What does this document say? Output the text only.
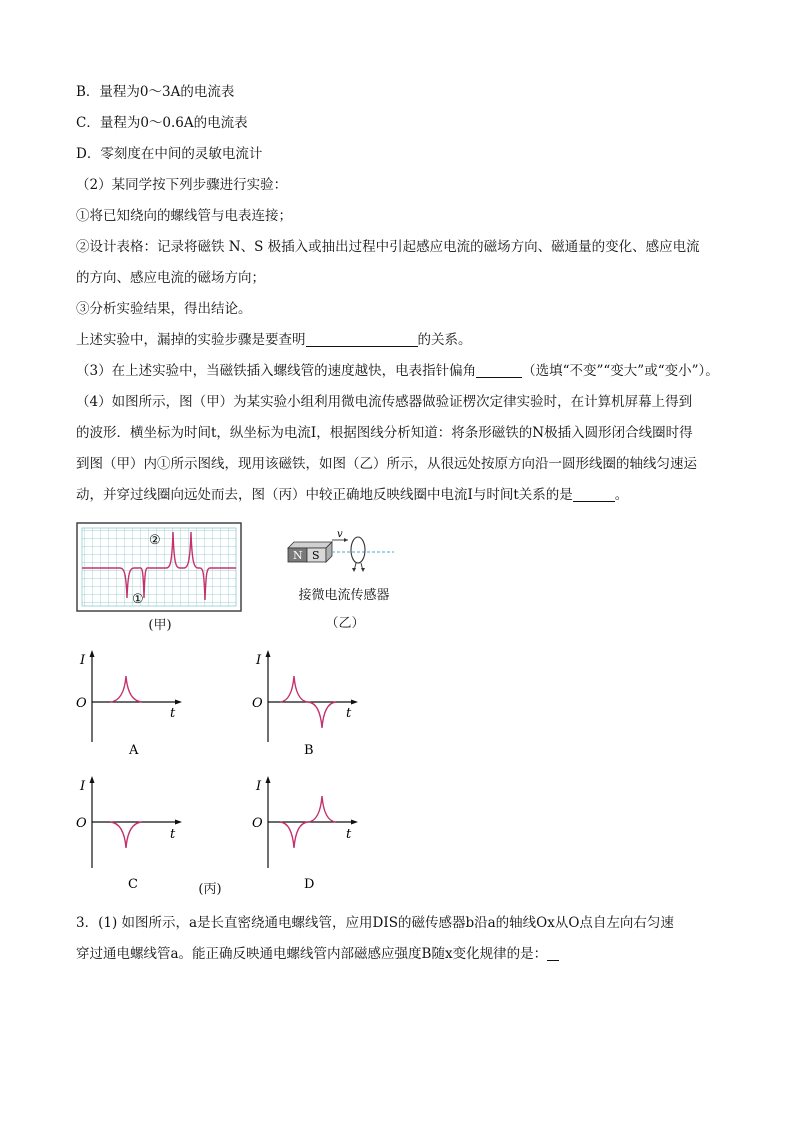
B．量程为0～3A的电流表
C．量程为0～0.6A的电流表
D．零刻度在中间的灵敏电流计
（2）某同学按下列步骤进行实验：
①将已知绕向的螺线管与电表连接；
②设计表格：记录将磁铁 N、S 极插入或抽出过程中引起感应电流的磁场方向、磁通量的变化、感应电流
的方向、感应电流的磁场方向；
③分析实验结果，得出结论。
上述实验中，漏掉的实验步骤是要查明	的关系。
（3）在上述实验中，当磁铁插入螺线管的速度越快，电表指针偏角	（选填“不变”“变大”或“变小”）。
（4）如图所示，图（甲）为某实验小组利用微电流传感器做验证楞次定律实验时，在计算机屏幕上得到
的波形．横坐标为时间t，纵坐标为电流I，根据图线分析知道：将条形磁铁的N极插入圆形闭合线圈时得
到图（甲）内①所示图线，现用该磁铁，如图（乙）所示，从很远处按原方向沿一圆形线圈的轴线匀速运
动，并穿过线圈向远处而去，图（丙）中较正确地反映线圈中电流I与时间t关系的是	。
①
②
(甲)
N S
v
接微电流传感器
（乙）
I
O
t
A
I
O
t
B
I
O
t
C
I
O
t
D
(丙)
3．(1) 如图所示，a是长直密绕通电螺线管，应用DIS的磁传感器b沿a的轴线Ox从O点自左向右匀速
穿过通电螺线管a。能正确反映通电螺线管内部磁感应强度B随x变化规律的是：
